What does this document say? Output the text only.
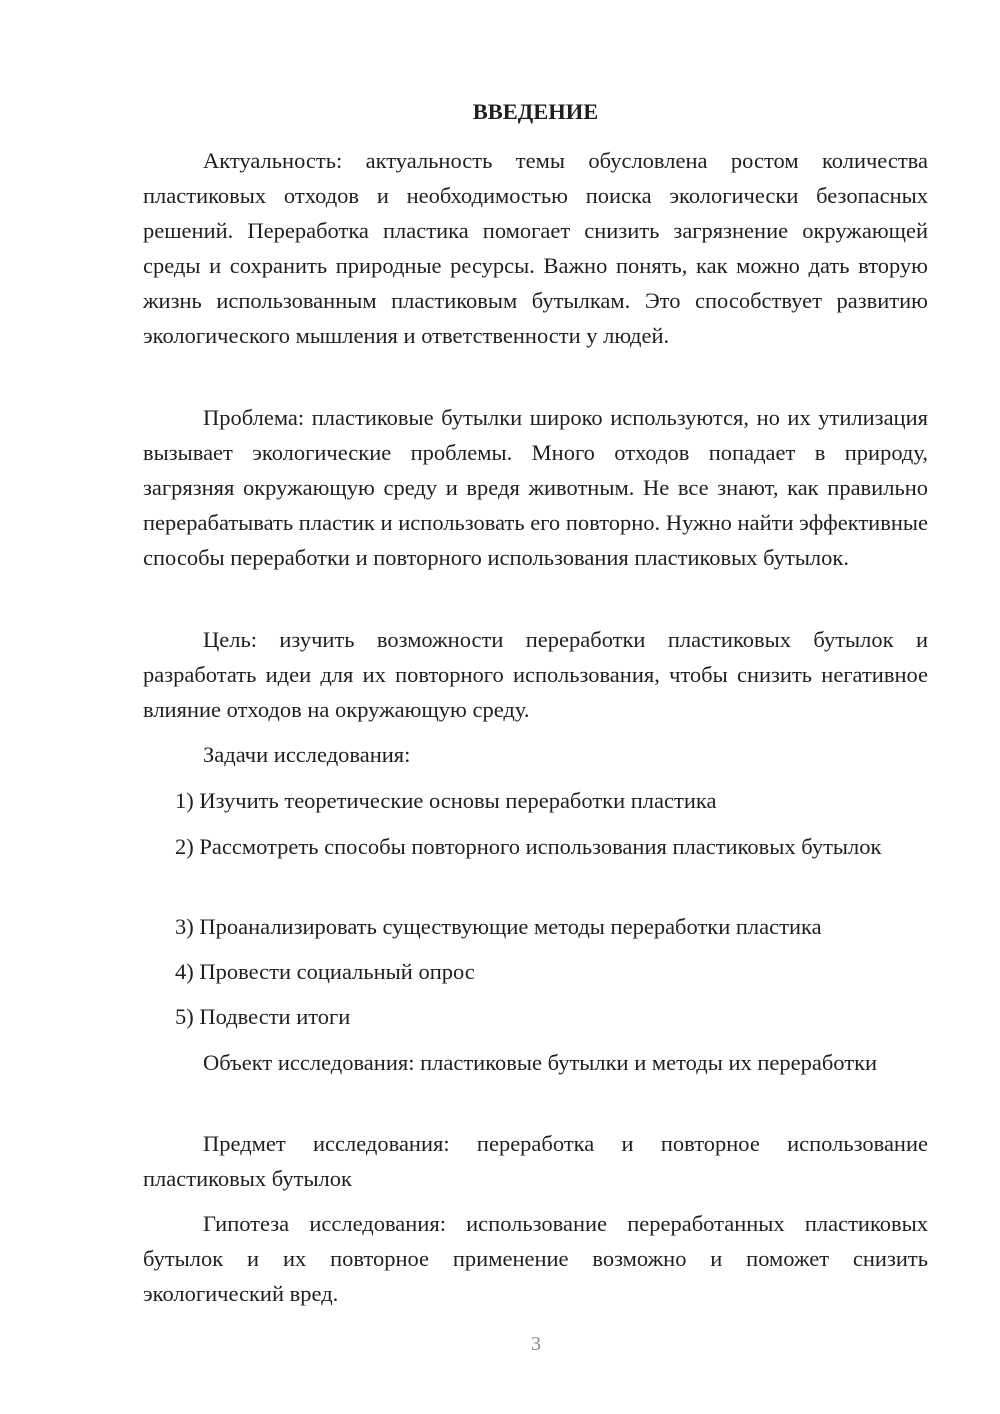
ВВЕДЕНИЕ

Актуальность: актуальность темы обусловлена ростом количества пластиковых отходов и необходимостью поиска экологически безопасных решений. Переработка пластика помогает снизить загрязнение окружающей среды и сохранить природные ресурсы. Важно понять, как можно дать вторую жизнь использованным пластиковым бутылкам. Это способствует развитию экологического мышления и ответственности у людей.

Проблема: пластиковые бутылки широко используются, но их утилизация вызывает экологические проблемы. Много отходов попадает в природу, загрязняя окружающую среду и вредя животным. Не все знают, как правильно перерабатывать пластик и использовать его повторно. Нужно найти эффективные способы переработки и повторного использования пластиковых бутылок.

Цель: изучить возможности переработки пластиковых бутылок и разработать идеи для их повторного использования, чтобы снизить негативное влияние отходов на окружающую среду.

Задачи исследования:

1) Изучить теоретические основы переработки пластика

2) Рассмотреть способы повторного использования пластиковых бутылок

3) Проанализировать существующие методы переработки пластика

4) Провести социальный опрос

5) Подвести итоги

Объект исследования: пластиковые бутылки и методы их переработки

Предмет исследования: переработка и повторное использование пластиковых бутылок

Гипотеза исследования: использование переработанных пластиковых бутылок и их повторное применение возможно и поможет снизить экологический вред.

3
